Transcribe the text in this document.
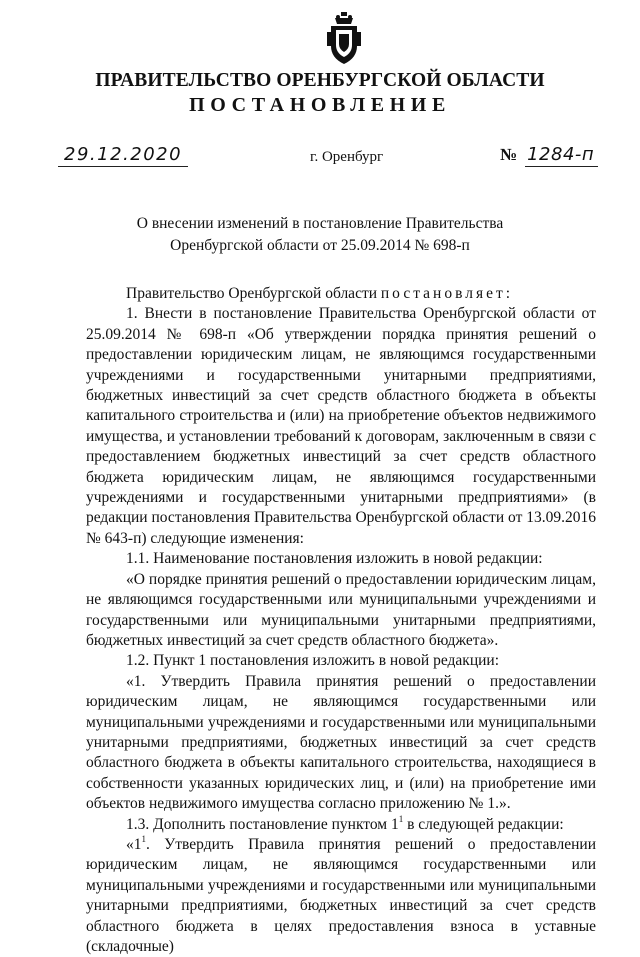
ПРАВИТЕЛЬСТВО ОРЕНБУРГСКОЙ ОБЛАСТИ
ПОСТАНОВЛЕНИЕ
29.12.2020	г. Оренбург	№ 1284-п
О внесении изменений в постановление Правительства
Оренбургской области от 25.09.2014 № 698-п

Правительство Оренбургской области постановляет:

1. Внести в постановление Правительства Оренбургской области от 25.09.2014 № 698-п «Об утверждении порядка принятия решений о предоставлении юридическим лицам, не являющимся государственными учреждениями и государственными унитарными предприятиями, бюджетных инвестиций за счет средств областного бюджета в объекты капитального строительства и (или) на приобретение объектов недвижимого имущества, и установлении требований к договорам, заключенным в связи с предоставлением бюджетных инвестиций за счет средств областного бюджета юридическим лицам, не являющимся государственными учреждениями и государственными унитарными предприятиями» (в редакции постановления Правительства Оренбургской области от 13.09.2016 № 643-п) следующие изменения:

1.1. Наименование постановления изложить в новой редакции:

«О порядке принятия решений о предоставлении юридическим лицам, не являющимся государственными или муниципальными учреждениями и государственными или муниципальными унитарными предприятиями, бюджетных инвестиций за счет средств областного бюджета».

1.2. Пункт 1 постановления изложить в новой редакции:

«1. Утвердить Правила принятия решений о предоставлении юридическим лицам, не являющимся государственными или муниципальными учреждениями и государственными или муниципальными унитарными предприятиями, бюджетных инвестиций за счет средств областного бюджета в объекты капитального строительства, находящиеся в собственности указанных юридических лиц, и (или) на приобретение ими объектов недвижимого имущества согласно приложению № 1.».

1.3. Дополнить постановление пунктом $1^1$ в следующей редакции:

«$1^1$. Утвердить Правила принятия решений о предоставлении юридическим лицам, не являющимся государственными или муниципальными учреждениями и государственными или муниципальными унитарными предприятиями, бюджетных инвестиций за счет средств областного бюджета в целях предоставления взноса в уставные (складочные)
